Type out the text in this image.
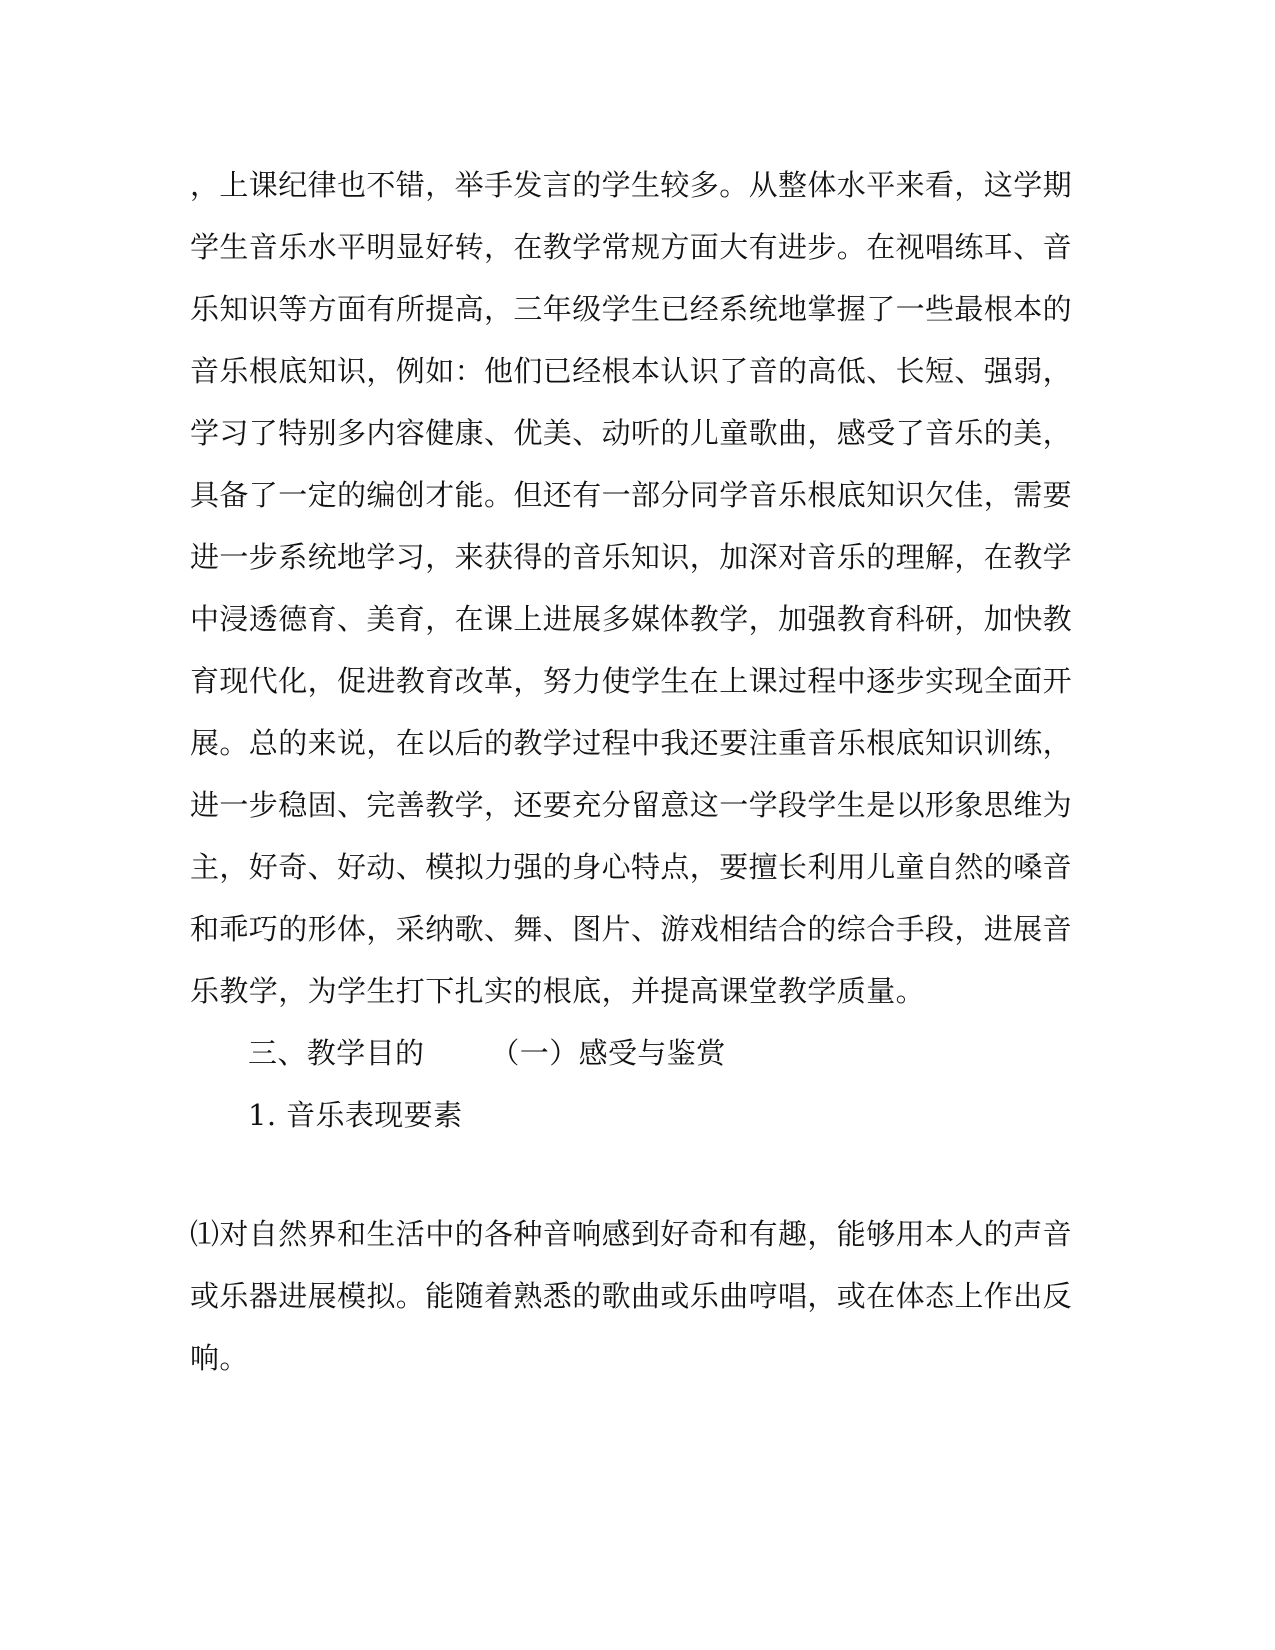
，上课纪律也不错，举手发言的学生较多。从整体水平来看，这学期
学生音乐水平明显好转，在教学常规方面大有进步。在视唱练耳、音
乐知识等方面有所提高，三年级学生已经系统地掌握了一些最根本的
音乐根底知识，例如：他们已经根本认识了音的高低、长短、强弱，
学习了特别多内容健康、优美、动听的儿童歌曲，感受了音乐的美，
具备了一定的编创才能。但还有一部分同学音乐根底知识欠佳，需要
进一步系统地学习，来获得的音乐知识，加深对音乐的理解，在教学
中浸透德育、美育，在课上进展多媒体教学，加强教育科研，加快教
育现代化，促进教育改革，努力使学生在上课过程中逐步实现全面开
展。总的来说，在以后的教学过程中我还要注重音乐根底知识训练，
进一步稳固、完善教学，还要充分留意这一学段学生是以形象思维为
主，好奇、好动、模拟力强的身心特点，要擅长利用儿童自然的嗓音
和乖巧的形体，采纳歌、舞、图片、游戏相结合的综合手段，进展音
乐教学，为学生打下扎实的根底，并提高课堂教学质量。
三、教学目的 （一）感受与鉴赏
1. 音乐表现要素
⑴对自然界和生活中的各种音响感到好奇和有趣，能够用本人的声音
或乐器进展模拟。能随着熟悉的歌曲或乐曲哼唱，或在体态上作出反
响。
